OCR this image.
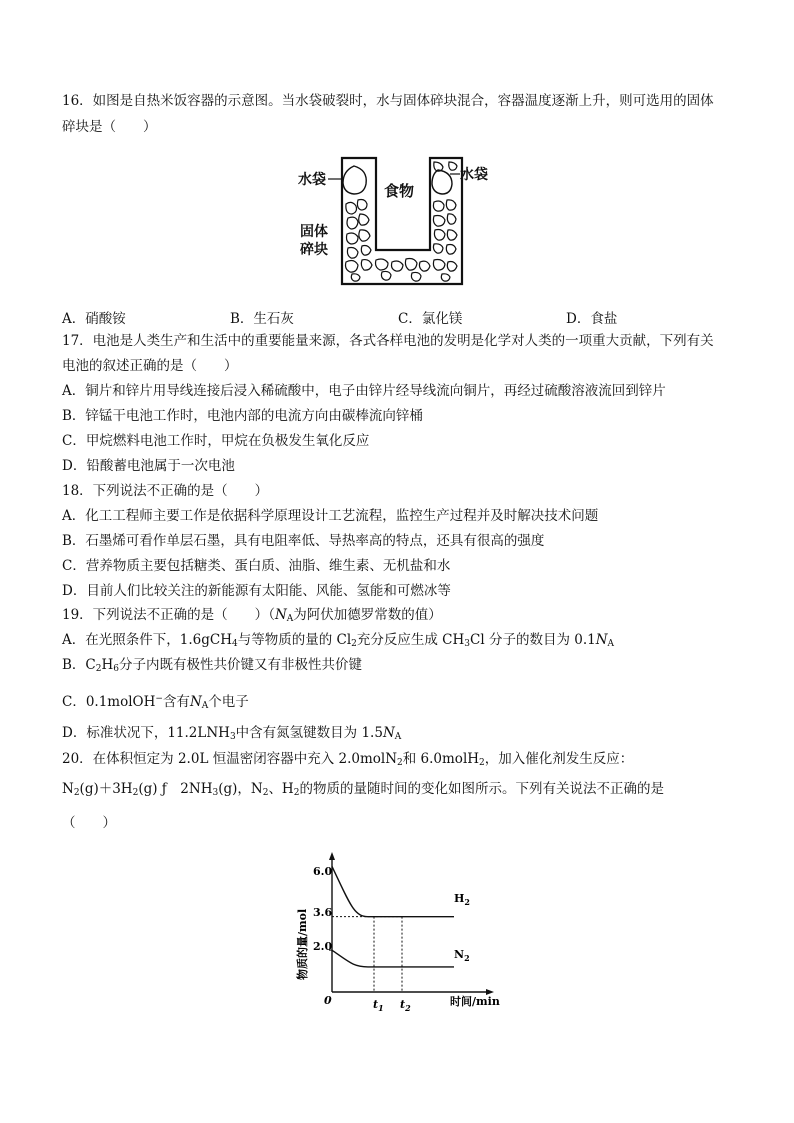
16．如图是自热米饭容器的示意图。当水袋破裂时，水与固体碎块混合，容器温度逐渐上升，则可选用的固体
碎块是（　　）
水袋	水袋
食物
固体
碎块
A．硝酸铵	B．生石灰	C．氯化镁	D．食盐
17．电池是人类生产和生活中的重要能量来源，各式各样电池的发明是化学对人类的一项重大贡献，下列有关
电池的叙述正确的是（　　）
A．铜片和锌片用导线连接后浸入稀硫酸中，电子由锌片经导线流向铜片，再经过硫酸溶液流回到锌片
B．锌锰干电池工作时，电池内部的电流方向由碳棒流向锌桶
C．甲烷燃料电池工作时，甲烷在负极发生氧化反应
D．铅酸蓄电池属于一次电池
18．下列说法不正确的是（　　）
A．化工工程师主要工作是依据科学原理设计工艺流程，监控生产过程并及时解决技术问题
B．石墨烯可看作单层石墨，具有电阻率低、导热率高的特点，还具有很高的强度
C．营养物质主要包括糖类、蛋白质、油脂、维生素、无机盐和水
D．目前人们比较关注的新能源有太阳能、风能、氢能和可燃冰等
19．下列说法不正确的是（　　）（$N_A$为阿伏加德罗常数的值）
A．在光照条件下，1.6gCH$_4$与等物质的量的 $Cl_2$充分反应生成 $CH_3Cl$ 分子的数目为 $0.1N_A$
B．$C_2H_6$分子内既有极性共价键又有非极性共价键
C．0.1molOH−含有$N_A$个电子
D．标准状况下，$11.2LNH_3$中含有氮氢键数目为 $1.5N_A$
20．在体积恒定为 2.0L 恒温密闭容器中充入 2.0molN$_2$和 6.0molH$_2$，加入催化剂发生反应：
$N_2(g)+3H_2(g)$ ƒ　$2NH_3(g)$，$N_2$、$H_2$的物质的量随时间的变化如图所示。下列有关说法不正确的是
（　　）
6.0
3.6
2.0
0	$t_1$ $t_2$	时间/min
物质的量/mol
$H_2$
$N_2$
